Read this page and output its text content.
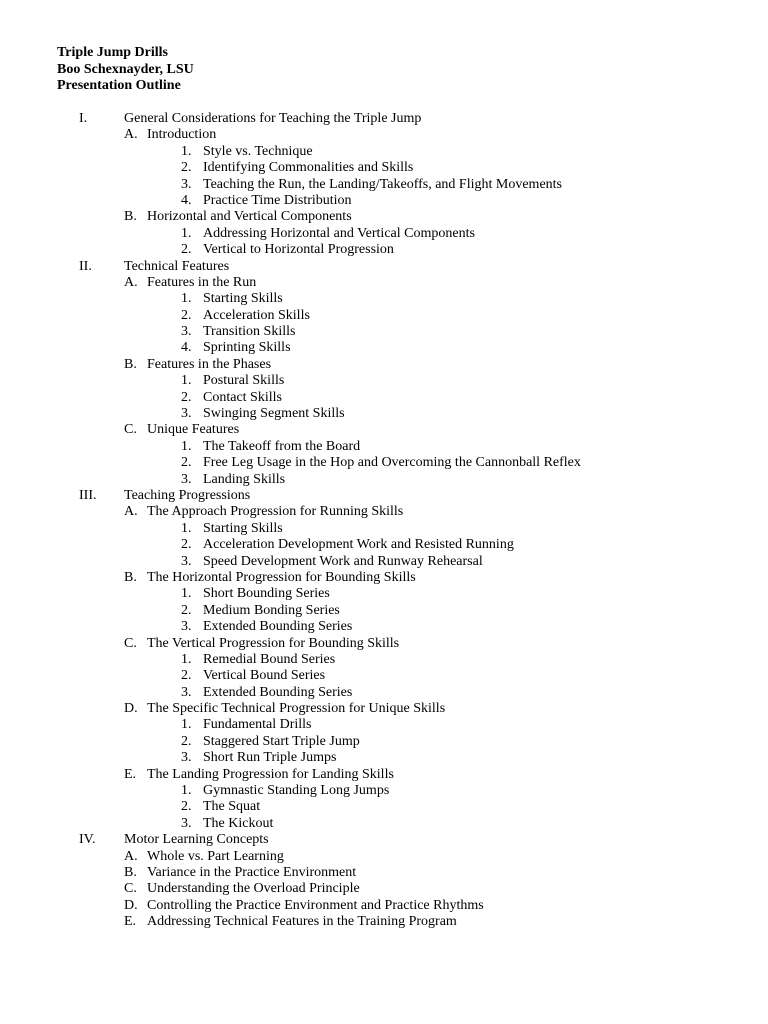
Triple Jump Drills
Boo Schexnayder, LSU
Presentation Outline
I.	General Considerations for Teaching the Triple Jump
A. Introduction
1. Style vs. Technique
2. Identifying Commonalities and Skills
3. Teaching the Run, the Landing/Takeoffs, and Flight Movements
4. Practice Time Distribution
B. Horizontal and Vertical Components
1. Addressing Horizontal and Vertical Components
2. Vertical to Horizontal Progression
II. Technical Features
A. Features in the Run
1. Starting Skills
2. Acceleration Skills
3. Transition Skills
4. Sprinting Skills
B. Features in the Phases
1. Postural Skills
2. Contact Skills
3. Swinging Segment Skills
C. Unique Features
1. The Takeoff from the Board
2. Free Leg Usage in the Hop and Overcoming the Cannonball Reflex
3. Landing Skills
III. Teaching Progressions
A. The Approach Progression for Running Skills
1. Starting Skills
2. Acceleration Development Work and Resisted Running
3. Speed Development Work and Runway Rehearsal
B. The Horizontal Progression for Bounding Skills
1. Short Bounding Series
2. Medium Bonding Series
3. Extended Bounding Series
C. The Vertical Progression for Bounding Skills
1. Remedial Bound Series
2. Vertical Bound Series
3. Extended Bounding Series
D. The Specific Technical Progression for Unique Skills
1. Fundamental Drills
2. Staggered Start Triple Jump
3. Short Run Triple Jumps
E. The Landing Progression for Landing Skills
1. Gymnastic Standing Long Jumps
2. The Squat
3. The Kickout
IV. Motor Learning Concepts
A. Whole vs. Part Learning
B. Variance in the Practice Environment
C. Understanding the Overload Principle
D. Controlling the Practice Environment and Practice Rhythms
E. Addressing Technical Features in the Training Program
